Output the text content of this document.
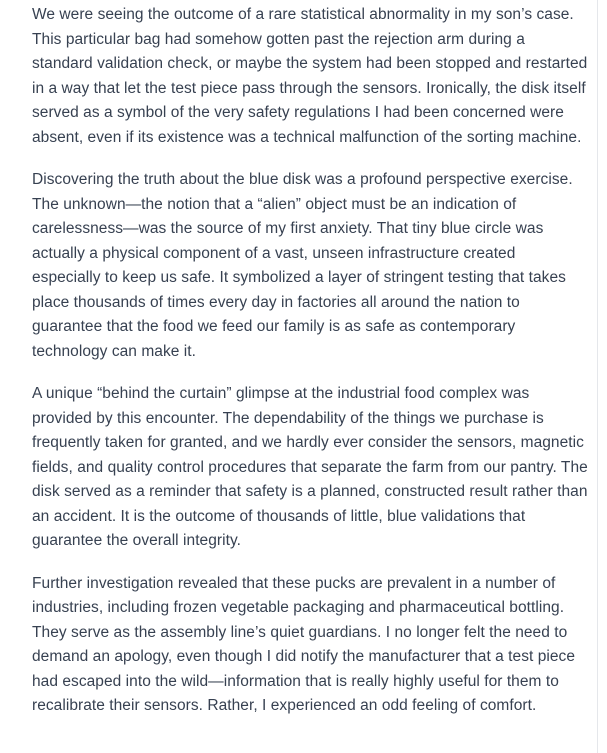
We were seeing the outcome of a rare statistical abnormality in my son’s case. This particular bag had somehow gotten past the rejection arm during a standard validation check, or maybe the system had been stopped and restarted in a way that let the test piece pass through the sensors. Ironically, the disk itself served as a symbol of the very safety regulations I had been concerned were absent, even if its existence was a technical malfunction of the sorting machine.

Discovering the truth about the blue disk was a profound perspective exercise. The unknown—the notion that a “alien” object must be an indication of carelessness—was the source of my first anxiety. That tiny blue circle was actually a physical component of a vast, unseen infrastructure created especially to keep us safe. It symbolized a layer of stringent testing that takes place thousands of times every day in factories all around the nation to guarantee that the food we feed our family is as safe as contemporary technology can make it.

A unique “behind the curtain” glimpse at the industrial food complex was provided by this encounter. The dependability of the things we purchase is frequently taken for granted, and we hardly ever consider the sensors, magnetic fields, and quality control procedures that separate the farm from our pantry. The disk served as a reminder that safety is a planned, constructed result rather than an accident. It is the outcome of thousands of little, blue validations that guarantee the overall integrity.

Further investigation revealed that these pucks are prevalent in a number of industries, including frozen vegetable packaging and pharmaceutical bottling. They serve as the assembly line’s quiet guardians. I no longer felt the need to demand an apology, even though I did notify the manufacturer that a test piece had escaped into the wild—information that is really highly useful for them to recalibrate their sensors. Rather, I experienced an odd feeling of comfort.
